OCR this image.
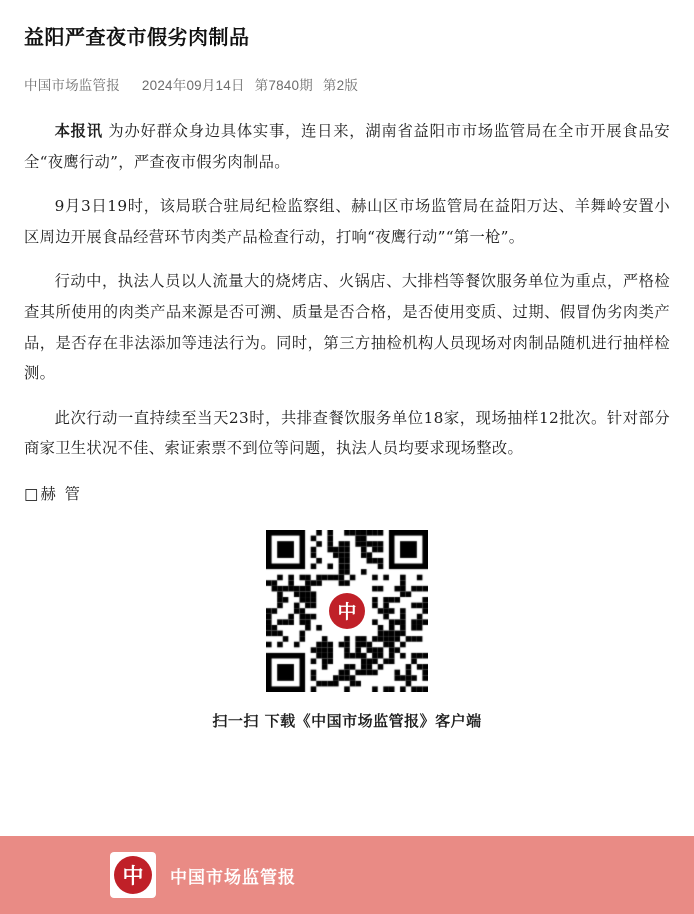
益阳严查夜市假劣肉制品
中国市场监管报 2024年09月14日 第7840期 第2版

本报讯 为办好群众身边具体实事，连日来，湖南省益阳市市场监管局在全市开展食品安全“夜鹰行动”，严查夜市假劣肉制品。

9月3日19时，该局联合驻局纪检监察组、赫山区市场监管局在益阳万达、羊舞岭安置小区周边开展食品经营环节肉类产品检查行动，打响“夜鹰行动”“第一枪”。

行动中，执法人员以人流量大的烧烤店、火锅店、大排档等餐饮服务单位为重点，严格检查其所使用的肉类产品来源是否可溯、质量是否合格，是否使用变质、过期、假冒伪劣肉类产品，是否存在非法添加等违法行为。同时，第三方抽检机构人员现场对肉制品随机进行抽样检测。

此次行动一直持续至当天23时，共排查餐饮服务单位18家，现场抽样12批次。针对部分商家卫生状况不佳、索证索票不到位等问题，执法人员均要求现场整改。

□赫 管
中
扫一扫 下载《中国市场监管报》客户端
中	中国市场监管报
